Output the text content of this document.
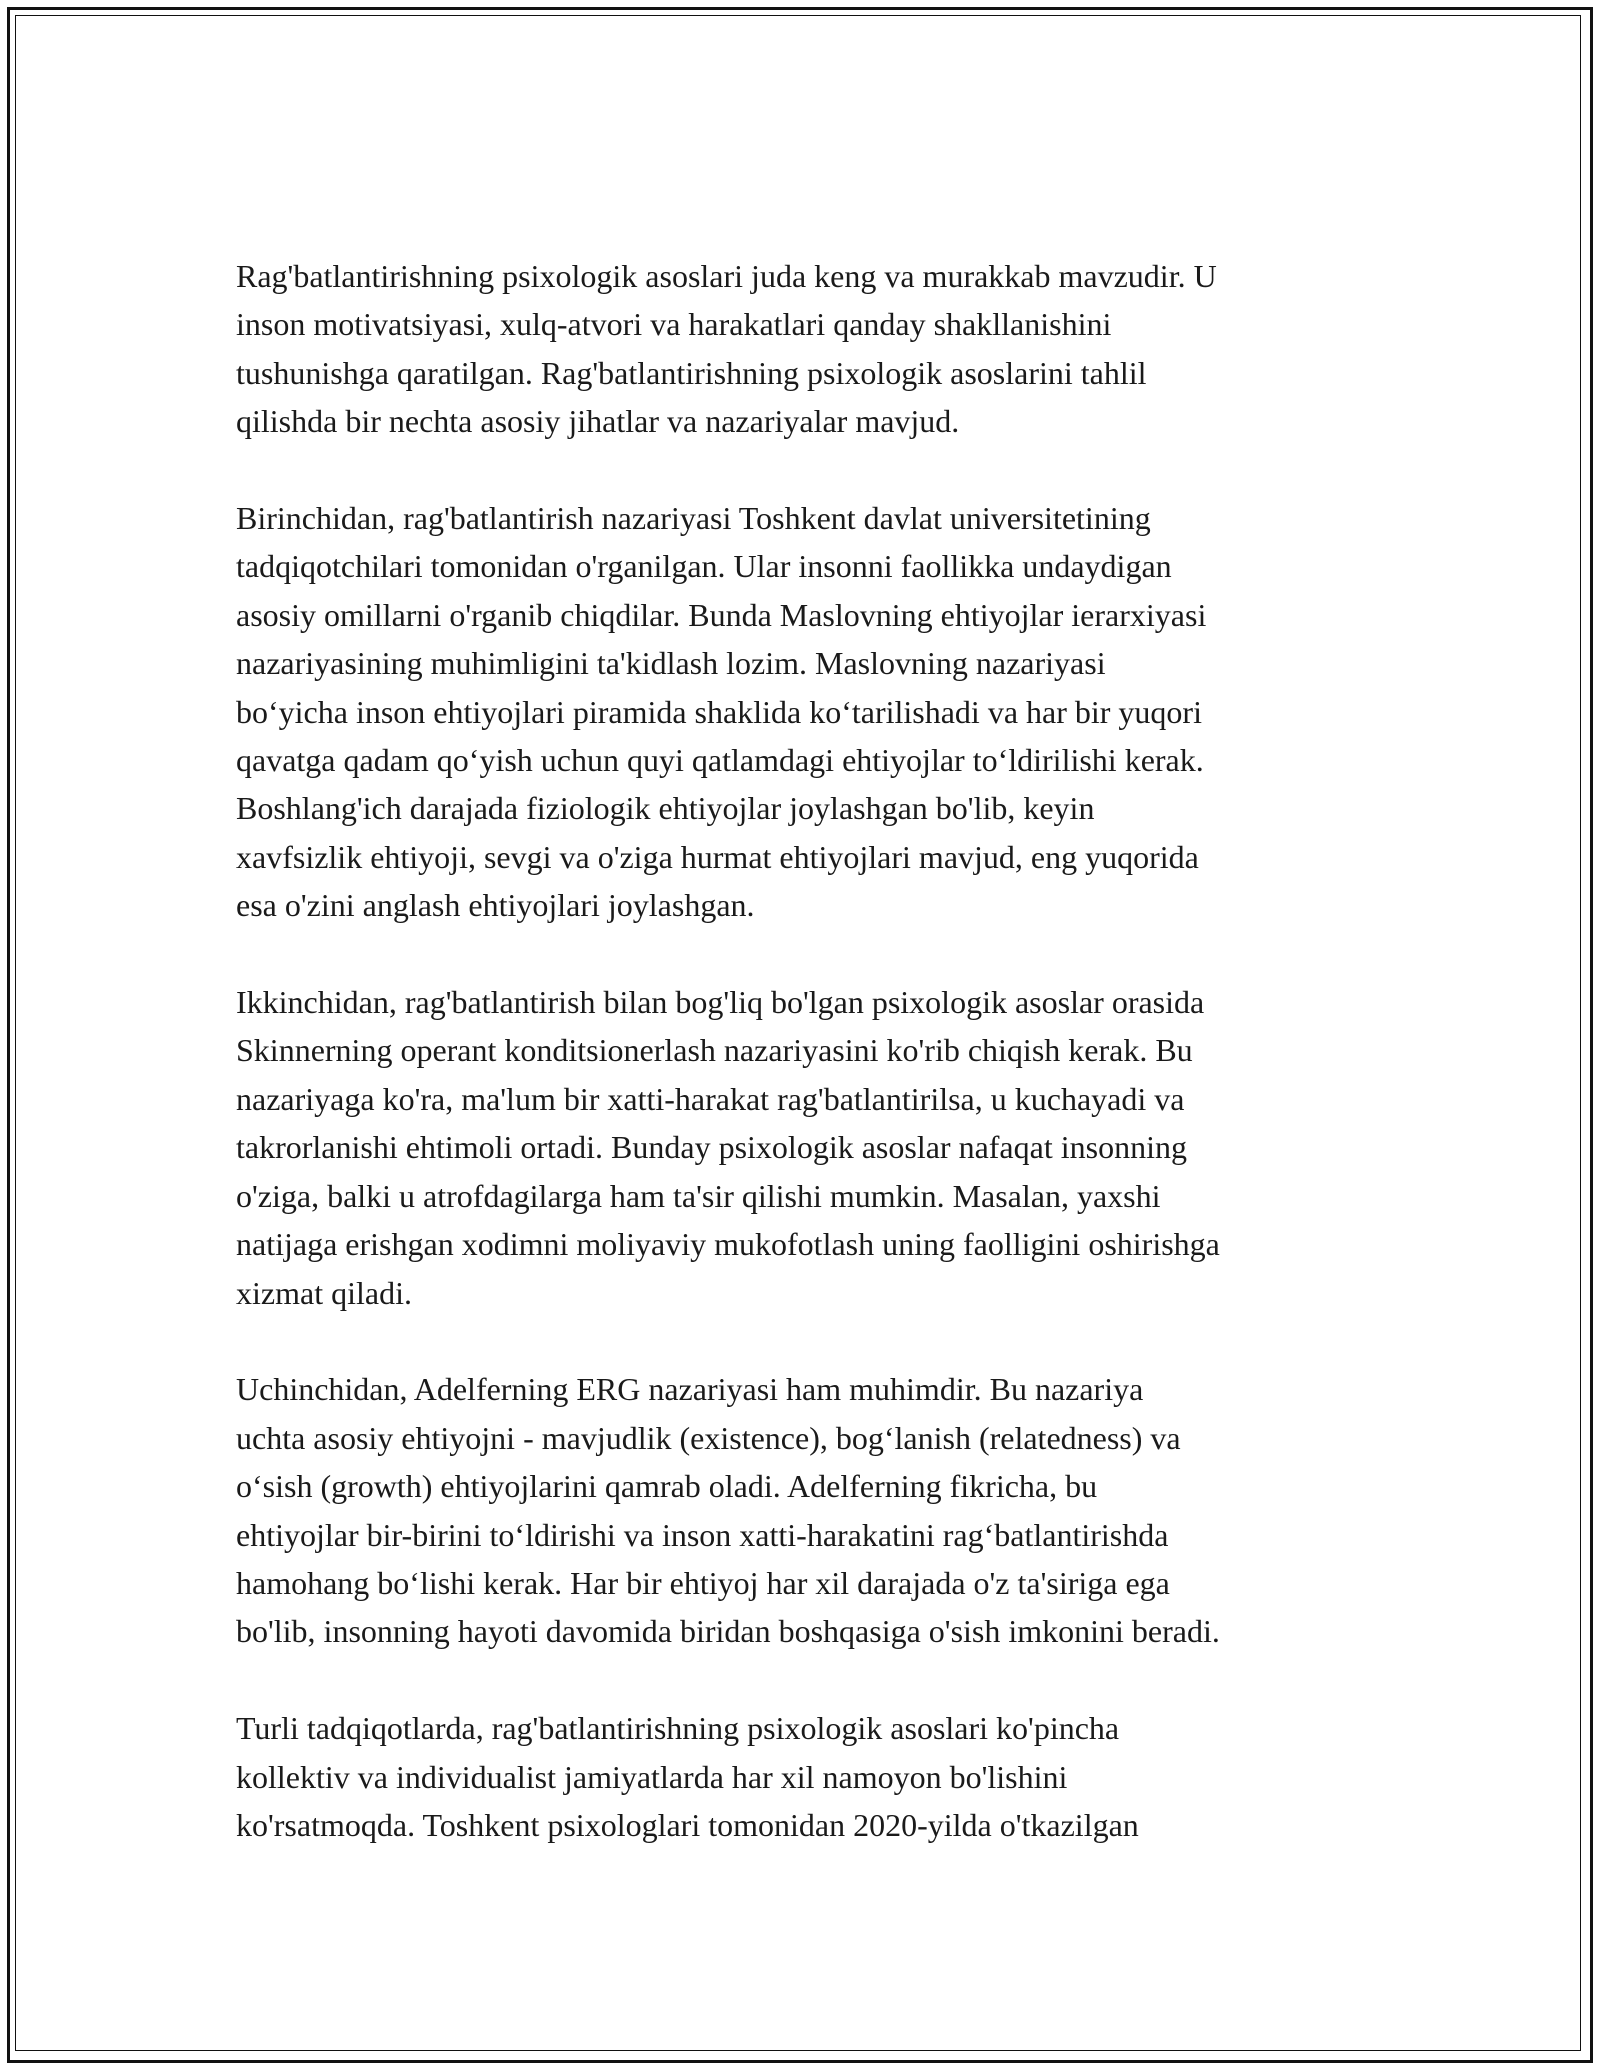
Rag'batlantirishning psixologik asoslari juda keng va murakkab mavzudir. U
inson motivatsiyasi, xulq-atvori va harakatlari qanday shakllanishini
tushunishga qaratilgan. Rag'batlantirishning psixologik asoslarini tahlil
qilishda bir nechta asosiy jihatlar va nazariyalar mavjud.
Birinchidan, rag'batlantirish nazariyasi Toshkent davlat universitetining
tadqiqotchilari tomonidan o'rganilgan. Ular insonni faollikka undaydigan
asosiy omillarni o'rganib chiqdilar. Bunda Maslovning ehtiyojlar ierarxiyasi
nazariyasining muhimligini ta'kidlash lozim. Maslovning nazariyasi
bo‘yicha inson ehtiyojlari piramida shaklida ko‘tarilishadi va har bir yuqori
qavatga qadam qo‘yish uchun quyi qatlamdagi ehtiyojlar to‘ldirilishi kerak.
Boshlang'ich darajada fiziologik ehtiyojlar joylashgan bo'lib, keyin
xavfsizlik ehtiyoji, sevgi va o'ziga hurmat ehtiyojlari mavjud, eng yuqorida
esa o'zini anglash ehtiyojlari joylashgan.
Ikkinchidan, rag'batlantirish bilan bog'liq bo'lgan psixologik asoslar orasida
Skinnerning operant konditsionerlash nazariyasini ko'rib chiqish kerak. Bu
nazariyaga ko'ra, ma'lum bir xatti-harakat rag'batlantirilsa, u kuchayadi va
takrorlanishi ehtimoli ortadi. Bunday psixologik asoslar nafaqat insonning
o'ziga, balki u atrofdagilarga ham ta'sir qilishi mumkin. Masalan, yaxshi
natijaga erishgan xodimni moliyaviy mukofotlash uning faolligini oshirishga
xizmat qiladi.
Uchinchidan, Adelferning ERG nazariyasi ham muhimdir. Bu nazariya
uchta asosiy ehtiyojni - mavjudlik (existence), bog‘lanish (relatedness) va
o‘sish (growth) ehtiyojlarini qamrab oladi. Adelferning fikricha, bu
ehtiyojlar bir-birini to‘ldirishi va inson xatti-harakatini rag‘batlantirishda
hamohang bo‘lishi kerak. Har bir ehtiyoj har xil darajada o'z ta'siriga ega
bo'lib, insonning hayoti davomida biridan boshqasiga o'sish imkonini beradi.
Turli tadqiqotlarda, rag'batlantirishning psixologik asoslari ko'pincha
kollektiv va individualist jamiyatlarda har xil namoyon bo'lishini
ko'rsatmoqda. Toshkent psixologlari tomonidan 2020-yilda o'tkazilgan
